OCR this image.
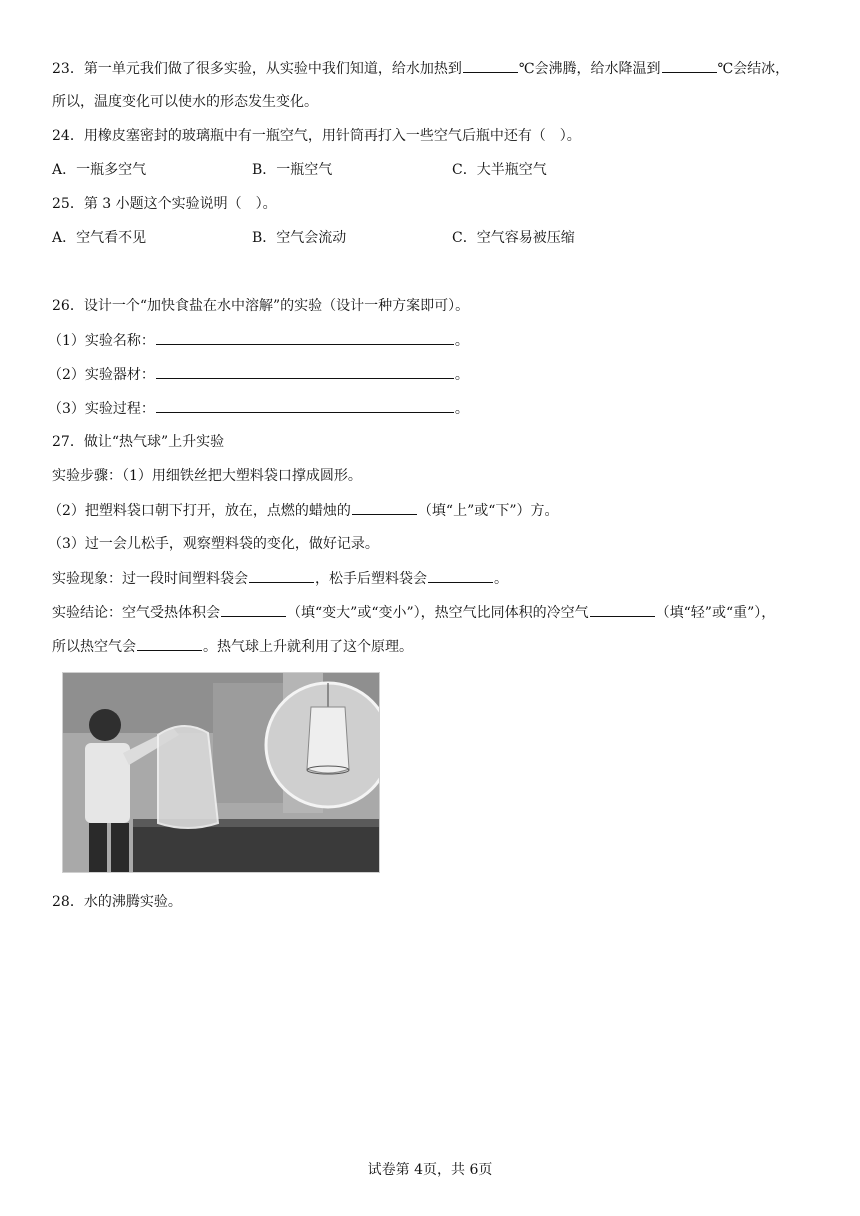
23．第一单元我们做了很多实验，从实验中我们知道，给水加热到	℃会沸腾，给水降温到	℃会结冰，
所以，温度变化可以使水的形态发生变化。
24．用橡皮塞密封的玻璃瓶中有一瓶空气，用针筒再打入一些空气后瓶中还有（　）。
A．一瓶多空气	B．一瓶空气	C．大半瓶空气
25．第 3 小题这个实验说明（　）。
A．空气看不见	B．空气会流动	C．空气容易被压缩
26．设计一个“加快食盐在水中溶解”的实验（设计一种方案即可）。
（1）实验名称：	。
（2）实验器材：	。
（3）实验过程：	。
27．做让“热气球”上升实验
实验步骤：（1）用细铁丝把大塑料袋口撑成圆形。
（2）把塑料袋口朝下打开，放在，点燃的蜡烛的	（填“上”或“下”）方。
（3）过一会儿松手，观察塑料袋的变化，做好记录。
实验现象：过一段时间塑料袋会	，松手后塑料袋会	。
实验结论：空气受热体积会	（填“变大”或“变小”），热空气比同体积的冷空气	（填“轻”或“重”），
所以热空气会	。热气球上升就利用了这个原理。
28．水的沸腾实验。
试卷第 4页，共 6页
